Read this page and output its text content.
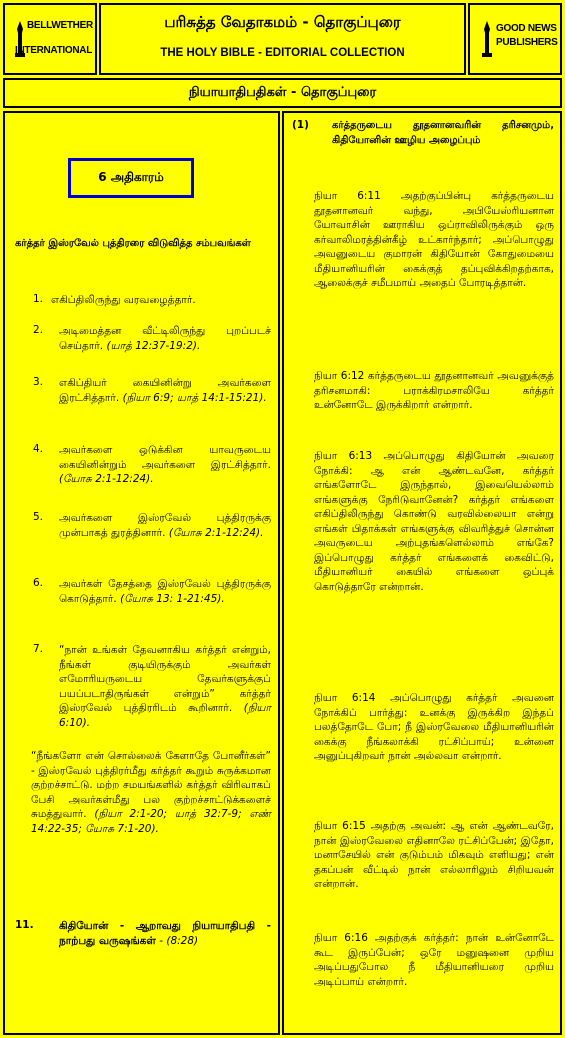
BELLWETHER
INTERNATIONAL
பரிசுத்த வேதாகமம் - தொகுப்புரை
THE HOLY BIBLE - EDITORIAL COLLECTION
GOOD NEWS
PUBLISHERS
நியாயாதிபதிகள் - தொகுப்புரை
6 அதிகாரம்
கர்த்தர் இஸ்ரவேல் புத்திரரை விடுவித்த சம்பவங்கள்
1. எகிப்திலிருந்து வரவழைத்தார்.
2. அடிமைத்தன வீட்டிலிருந்து புறப்படச் செய்தார். (யாத் 12:37-19:2).
3. எகிப்தியர் கையினின்று அவர்களை இரட்சித்தார். (நியா 6:9; யாத் 14:1-15:21).
4. அவர்களை ஒடுக்கின யாவருடைய கையினின்றும் அவர்களை இரட்சித்தார். (யோசு 2:1-12:24).
5. அவர்களை இஸ்ரவேல் புத்திரருக்கு முன்பாகத் துரத்தினார். (யோசு 2:1-12:24).
6. அவர்கள் தேசத்தை இஸ்ரவேல் புத்திரருக்கு கொடுத்தார். (யோசு 13: 1-21:45).
7. “நான் உங்கள் தேவனாகிய கர்த்தர் என்றும், நீங்கள் குடியிருக்கும் அவர்கள் எமோரியருடைய தேவர்களுக்குப் பயப்படாதிருங்கள் என்றும்” கர்த்தர் இஸ்ரவேல் புத்திரரிடம் கூறினார். (நியா 6:10).
“நீங்களோ என் சொல்லைக் கேளாதே போனீர்கள்” - இஸ்ரவேல் புத்திரர்மீது கர்த்தர் கூறும் சுருக்கமான குற்றச்சாட்டு. மற்ற சமயங்களில் கர்த்தர் விரிவாகப் பேசி அவர்கள்மீது பல குற்றச்சாட்டுக்களைச் சுமத்துவார். (நியா 2:1-20; யாத் 32:7-9; எண் 14:22-35; யோசு 7:1-20).
11. கிதியோன் - ஆறாவது நியாயாதிபதி - நாற்பது வருஷங்கள் - (8:28)
(1) கர்த்தருடைய தூதனானவரின் தரிசனமும், கிதியோனின் ஊழிய அழைப்பும்
நியா 6:11 அதற்குப்பின்பு கர்த்தருடைய தூதனானவர் வந்து, அபியேஸ்ரியனான யோவாசின் ஊராகிய ஒப்ராவிலிருக்கும் ஒரு கர்வாலிமரத்தின்கீழ் உட்கார்ந்தார்; அப்பொழுது அவனுடைய குமாரன் கிதியோன் கோதுமையை மீதியானியரின் கைக்குத் தப்புவிக்கிறதற்காக, ஆலைக்குச் சமீபமாய் அதைப் போரடித்தான்.
நியா 6:12 கர்த்தருடைய தூதனானவர் அவனுக்குத் தரிசனமாகி: பராக்கிரமசாலியே கர்த்தர் உன்னோடே இருக்கிறார் என்றார்.
நியா 6:13 அப்பொழுது கிதியோன் அவரை நோக்கி: ஆ என் ஆண்டவனே, கர்த்தர் எங்களோடே இருந்தால், இவையெல்லாம் எங்களுக்கு நேரிடுவானேன்? கர்த்தர் எங்களை எகிப்திலிருந்து கொண்டு வரவில்லையா என்று எங்கள் பிதாக்கள் எங்களுக்கு விவரித்துச் சொன்ன அவருடைய அற்புதங்களெல்லாம் எங்கே? இப்பொழுது கர்த்தர் எங்களைக் கைவிட்டு, மீதியானியர் கையில் எங்களை ஒப்புக் கொடுத்தாரே என்றான்.
நியா 6:14 அப்பொழுது கர்த்தர் அவனை நோக்கிப் பார்த்து: உனக்கு இருக்கிற இந்தப் பலத்தோடே போ; நீ இஸ்ரவேலை மீதியானியரின் கைக்கு நீங்கலாக்கி ரட்சிப்பாய்; உன்னை அனுப்புகிறவர் நான் அல்லவா என்றார்.
நியா 6:15 அதற்கு அவன்: ஆ என் ஆண்டவரே, நான் இஸ்ரவேலை எதினாலே ரட்சிப்பேன்; இதோ, மனாசேயில் என் குடும்பம் மிகவும் எளியது; என் தகப்பன் வீட்டில் நான் எல்லாரிலும் சிறியவன் என்றான்.
நியா 6:16 அதற்குக் கர்த்தர்: நான் உன்னோடே கூட இருப்பேன்; ஒரே மனுஷனை முறிய அடிப்பதுபோல நீ மீதியானியரை முறிய அடிப்பாய் என்றார்.
